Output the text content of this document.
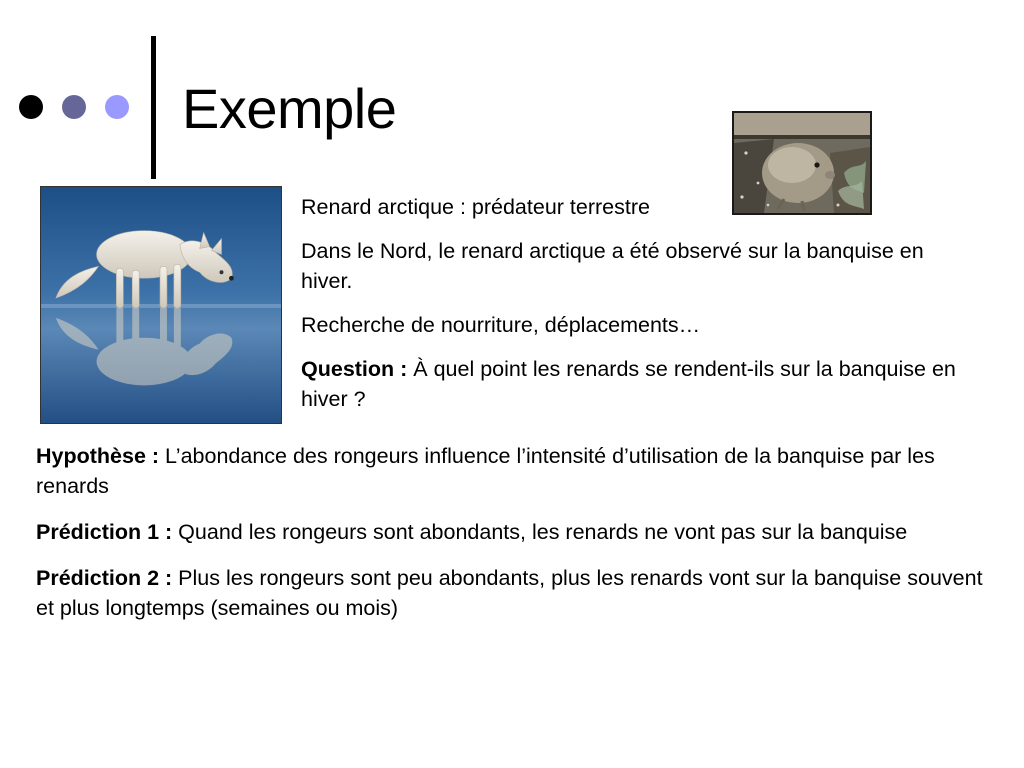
Exemple

Renard arctique : prédateur terrestre

Dans le Nord, le renard arctique a été observé sur la banquise en hiver.

Recherche de nourriture, déplacements…

Question : À quel point les renards se rendent-ils sur la banquise en hiver ?

Hypothèse : L’abondance des rongeurs influence l’intensité d’utilisation de la banquise par les renards

Prédiction 1 : Quand les rongeurs sont abondants, les renards ne vont pas sur la banquise

Prédiction 2 : Plus les rongeurs sont peu abondants, plus les renards vont sur la banquise souvent et plus longtemps (semaines ou mois)
